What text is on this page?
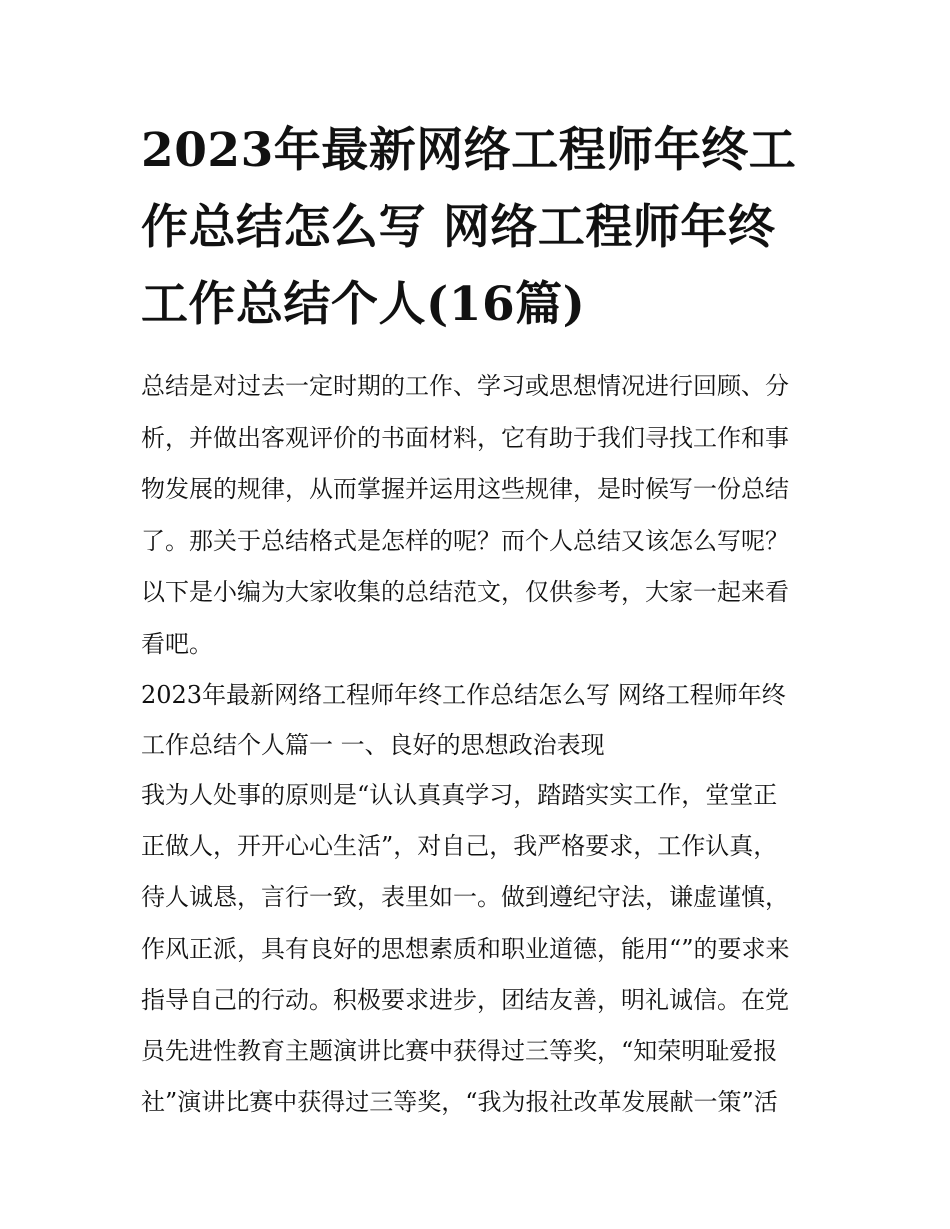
2023年最新网络工程师年终工
作总结怎么写 网络工程师年终
工作总结个人(16篇)

总结是对过去一定时期的工作、学习或思想情况进行回顾、分
析，并做出客观评价的书面材料，它有助于我们寻找工作和事
物发展的规律，从而掌握并运用这些规律，是时候写一份总结
了。那关于总结格式是怎样的呢？而个人总结又该怎么写呢？
以下是小编为大家收集的总结范文，仅供参考，大家一起来看
看吧。

2023年最新网络工程师年终工作总结怎么写 网络工程师年终
工作总结个人篇一 一、良好的思想政治表现

我为人处事的原则是“认认真真学习，踏踏实实工作，堂堂正
正做人，开开心心生活”，对自己，我严格要求，工作认真，
待人诚恳，言行一致，表里如一。做到遵纪守法，谦虚谨慎，
作风正派，具有良好的思想素质和职业道德，能用“”的要求来
指导自己的行动。积极要求进步，团结友善，明礼诚信。在党
员先进性教育主题演讲比赛中获得过三等奖，“知荣明耻爱报
社”演讲比赛中获得过三等奖，“我为报社改革发展献一策”活
